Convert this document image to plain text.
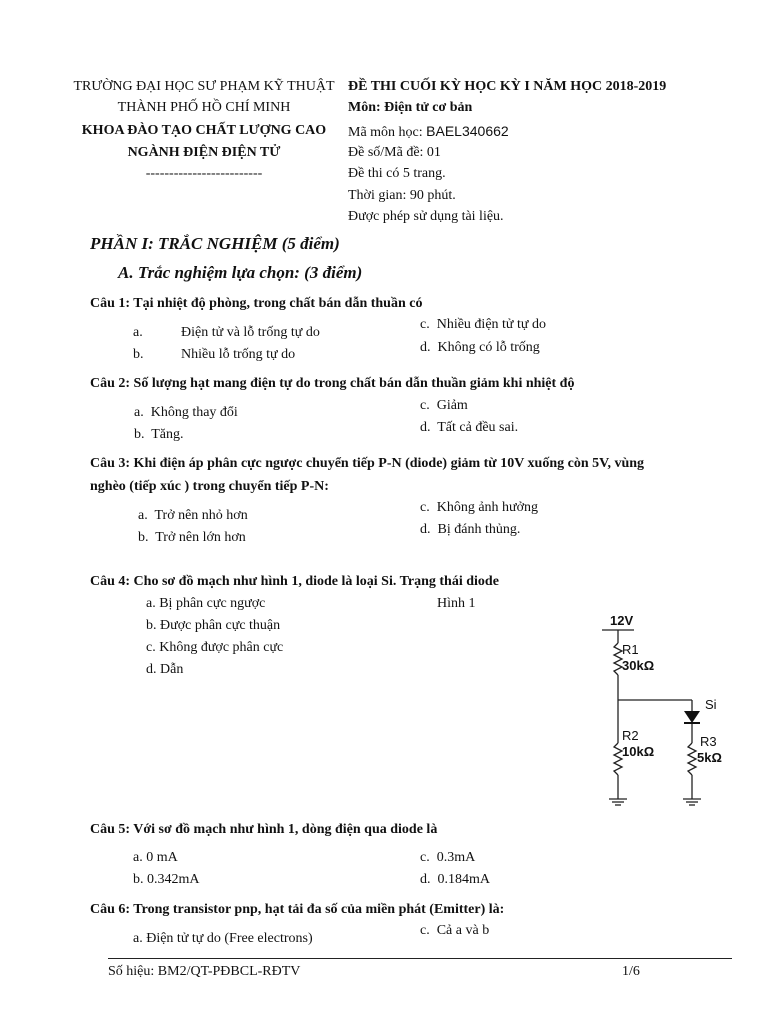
TRƯỜNG ĐẠI HỌC SƯ PHẠM KỸ THUẬT
THÀNH PHỐ HỒ CHÍ MINH
KHOA ĐÀO TẠO CHẤT LƯỢNG CAO
NGÀNH ĐIỆN ĐIỆN TỬ
-------------------------
ĐỀ THI CUỐI KỲ HỌC KỲ I NĂM HỌC 2018-2019
Môn: Điện tử cơ bản
Mã môn học: BAEL340662
Đề số/Mã đề: 01
Đề thi có 5 trang.
Thời gian: 90 phút.
Được phép sử dụng tài liệu.
PHẦN I: TRẮC NGHIỆM (5 điểm)
A. Trắc nghiệm lựa chọn: (3 điểm)
Câu 1: Tại nhiệt độ phòng, trong chất bán dẫn thuần có
a.	Điện tử và lỗ trống tự do
b.	Nhiều lỗ trống tự do
c. Nhiều điện tử tự do
d. Không có lỗ trống
Câu 2: Số lượng hạt mang điện tự do trong chất bán dẫn thuần giảm khi nhiệt độ
a. Không thay đổi
b. Tăng.
c. Giảm
d. Tất cả đều sai.
Câu 3: Khi điện áp phân cực ngược chuyển tiếp P-N (diode) giảm từ 10V xuống còn 5V, vùng
nghèo (tiếp xúc ) trong chuyển tiếp P-N:
a. Trở nên nhỏ hơn
b. Trở nên lớn hơn
c. Không ảnh hưởng
d. Bị đánh thủng.
Câu 4: Cho sơ đồ mạch như hình 1, diode là loại Si. Trạng thái diode
a. Bị phân cực ngược
b. Được phân cực thuận
c. Không được phân cực
d. Dẫn
Hình 1
12V
R1
30kΩ
R2
10kΩ
R3
5kΩ
Si
Câu 5: Với sơ đồ mạch như hình 1, dòng điện qua diode là
a. 0 mA
b. 0.342mA
c. 0.3mA
d. 0.184mA
Câu 6: Trong transistor pnp, hạt tải đa số của miền phát (Emitter) là:
a. Điện tử tự do (Free electrons)
c. Cả a và b
Số hiệu: BM2/QT-PĐBCL-RĐTV	1/6
